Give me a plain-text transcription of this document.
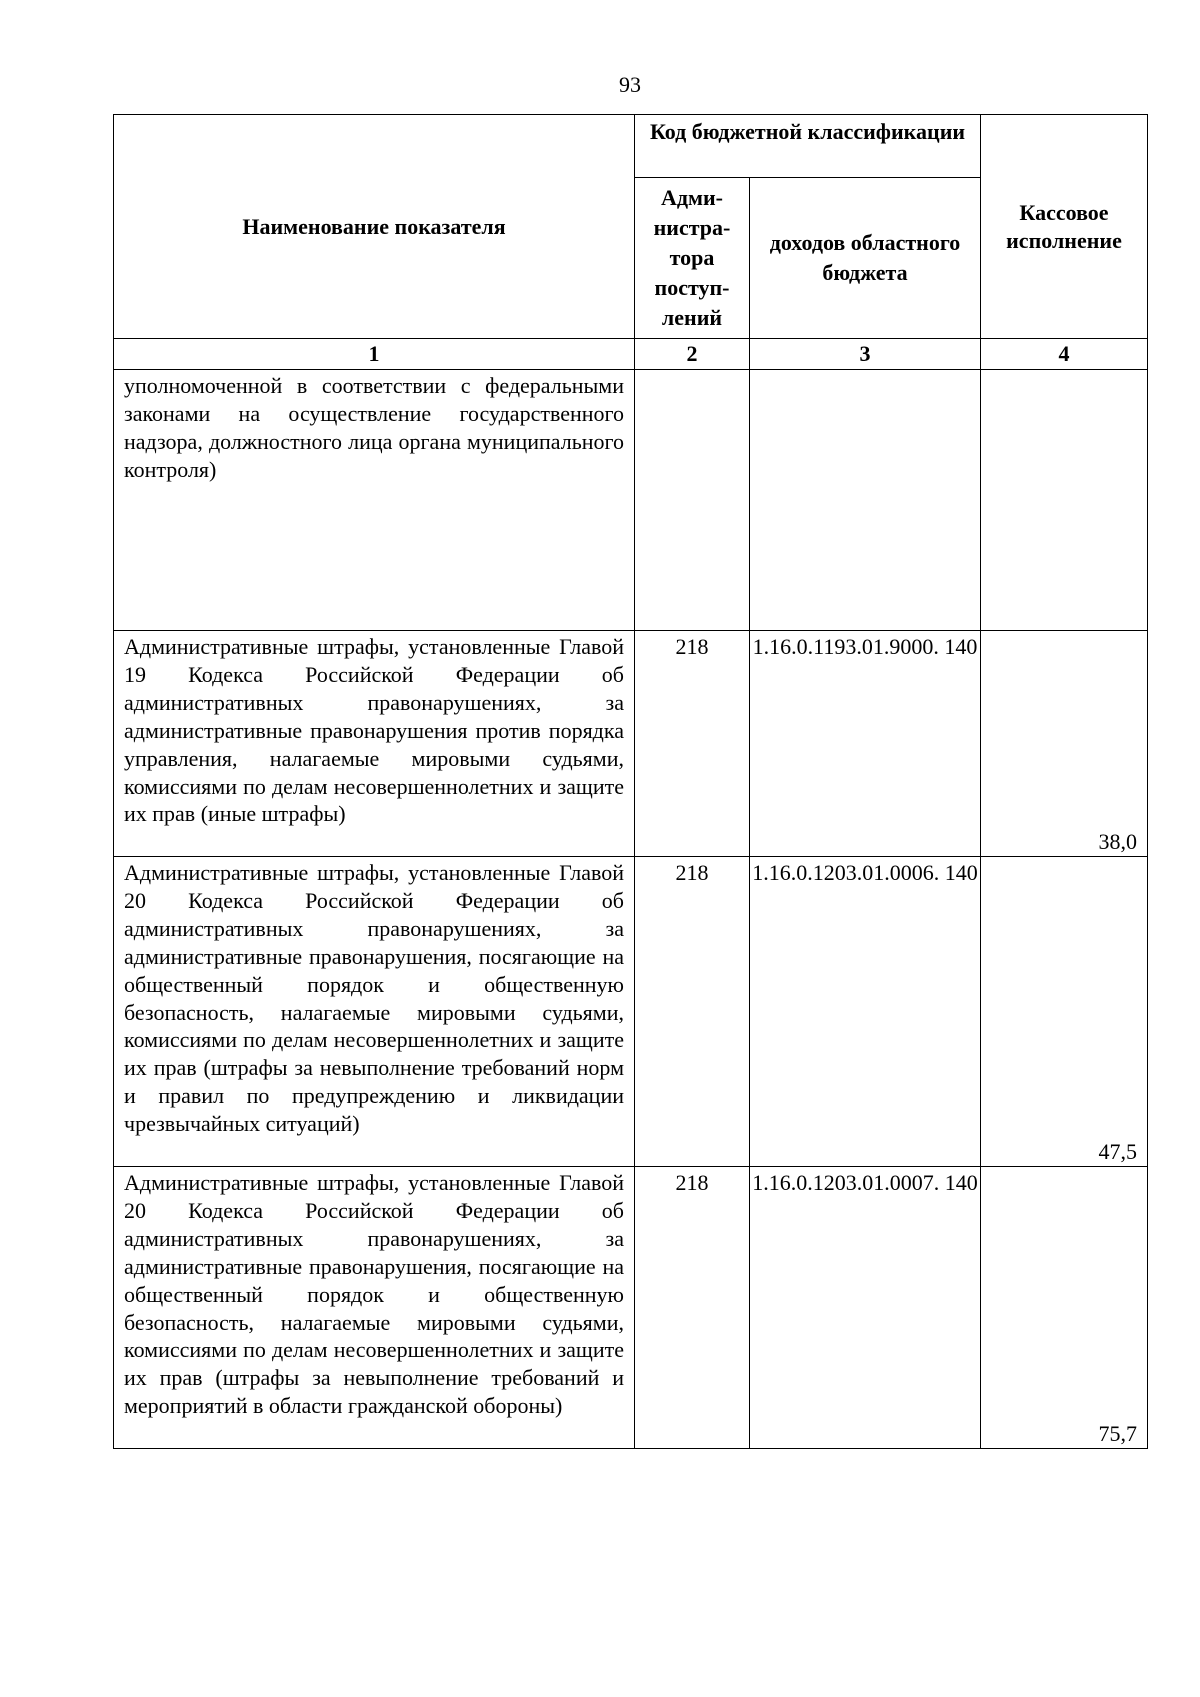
93
Наименование показателя	Код бюджетной классификации		Кассовое исполнение
	Адми-нистра-тора поступ-лений	доходов областного бюджета	
1	2	3	4
уполномоченной в соответствии с федеральными законами на осуществление государственного надзора, должностного лица органа муниципального контроля)			
Административные штрафы, установленные Главой 19 Кодекса Российской Федерации об административных правонарушениях, за административные правонарушения против порядка управления, налагаемые мировыми судьями, комиссиями по делам несовершеннолетних и защите их прав (иные штрафы)	218	1.16.0.1193.01.9000. 140	38,0
Административные штрафы, установленные Главой 20 Кодекса Российской Федерации об административных правонарушениях, за административные правонарушения, посягающие на общественный порядок и общественную безопасность, налагаемые мировыми судьями, комиссиями по делам несовершеннолетних и защите их прав (штрафы за невыполнение требований норм и правил по предупреждению и ликвидации чрезвычайных ситуаций)	218	1.16.0.1203.01.0006. 140	47,5
Административные штрафы, установленные Главой 20 Кодекса Российской Федерации об административных правонарушениях, за административные правонарушения, посягающие на общественный порядок и общественную безопасность, налагаемые мировыми судьями, комиссиями по делам несовершеннолетних и защите их прав (штрафы за невыполнение требований и мероприятий в области гражданской обороны)	218	1.16.0.1203.01.0007. 140	75,7
